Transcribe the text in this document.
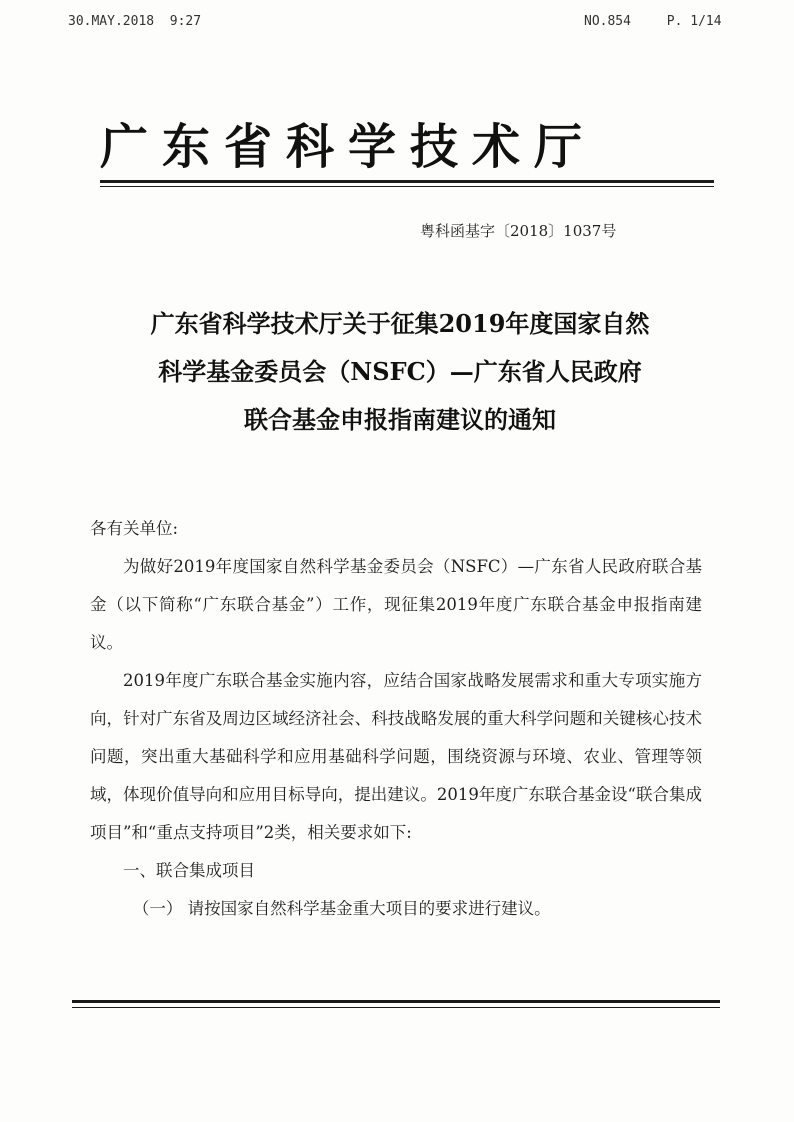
30.MAY.2018  9:27	NO.854	P. 1/14
广东省科学技术厅
粤科函基字〔2018〕1037号
广东省科学技术厅关于征集2019年度国家自然
科学基金委员会（NSFC）—广东省人民政府
联合基金申报指南建议的通知

各有关单位:

为做好2019年度国家自然科学基金委员会（NSFC）—广东省人民政府联合基金（以下简称“广东联合基金”）工作，现征集2019年度广东联合基金申报指南建议。

2019年度广东联合基金实施内容，应结合国家战略发展需求和重大专项实施方向，针对广东省及周边区域经济社会、科技战略发展的重大科学问题和关键核心技术问题，突出重大基础科学和应用基础科学问题，围绕资源与环境、农业、管理等领域，体现价值导向和应用目标导向，提出建议。2019年度广东联合基金设“联合集成项目”和“重点支持项目”2类，相关要求如下:

一、联合集成项目

（一） 请按国家自然科学基金重大项目的要求进行建议。
